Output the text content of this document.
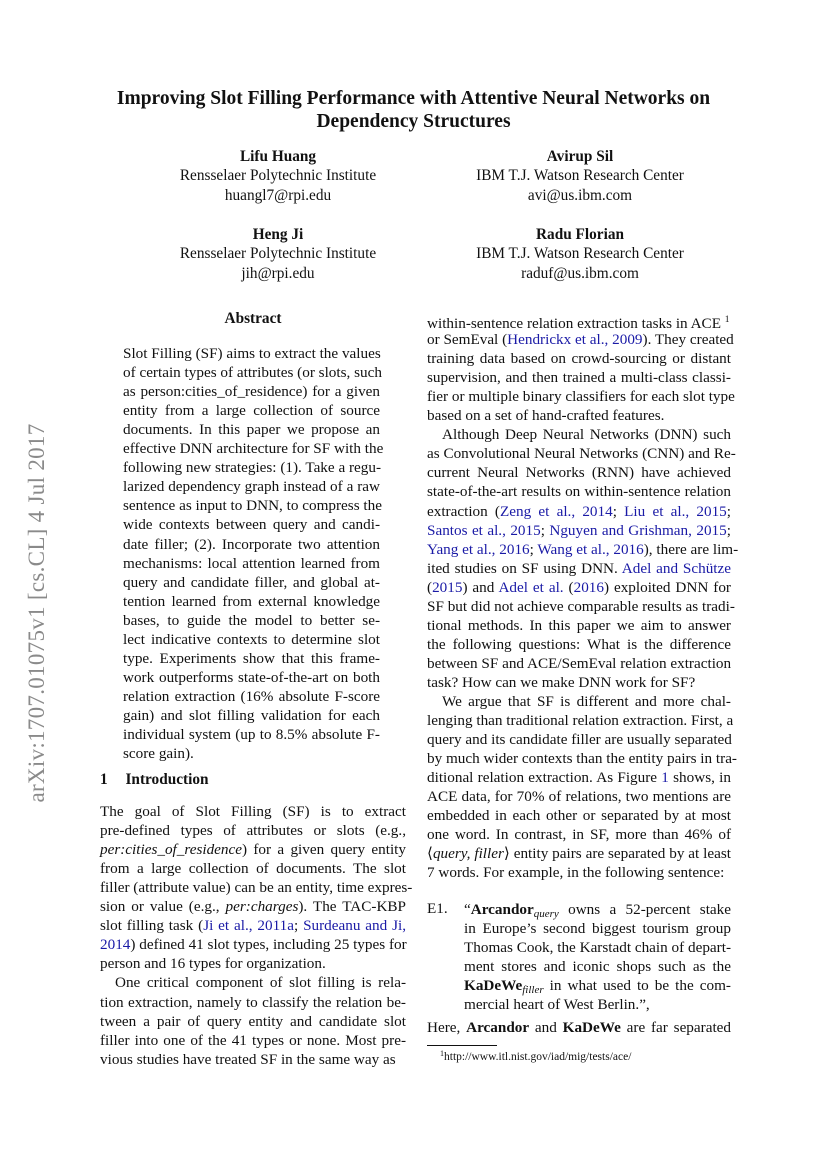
Improving Slot Filling Performance with Attentive Neural Networks on
Dependency Structures
Lifu Huang
Rensselaer Polytechnic Institute
huangl7@rpi.edu
Avirup Sil
IBM T.J. Watson Research Center
avi@us.ibm.com
Heng Ji
Rensselaer Polytechnic Institute
jih@rpi.edu
Radu Florian
IBM T.J. Watson Research Center
raduf@us.ibm.com
arXiv:1707.01075v1 [cs.CL] 4 Jul 2017
Abstract
1 Introduction
Slot Filling (SF) aims to extract the values
of certain types of attributes (or slots, such
as person:cities_of_residence) for a given
entity from a large collection of source
documents. In this paper we propose an
effective DNN architecture for SF with the
following new strategies: (1). Take a regu-
larized dependency graph instead of a raw
sentence as input to DNN, to compress the
wide contexts between query and candi-
date filler; (2). Incorporate two attention
mechanisms: local attention learned from
query and candidate filler, and global at-
tention learned from external knowledge
bases, to guide the model to better se-
lect indicative contexts to determine slot
type. Experiments show that this frame-
work outperforms state-of-the-art on both
relation extraction (16% absolute F-score
gain) and slot filling validation for each
individual system (up to 8.5% absolute F-
score gain).
The goal of Slot Filling (SF) is to extract
pre-defined types of attributes or slots (e.g.,
per:cities_of_residence) for a given query entity
from a large collection of documents. The slot
filler (attribute value) can be an entity, time expres-
sion or value (e.g., per:charges). The TAC-KBP
slot filling task (Ji et al., 2011a; Surdeanu and Ji,
2014) defined 41 slot types, including 25 types for
person and 16 types for organization.
One critical component of slot filling is rela-
tion extraction, namely to classify the relation be-
tween a pair of query entity and candidate slot
filler into one of the 41 types or none. Most pre-
vious studies have treated SF in the same way as
within-sentence relation extraction tasks in ACE $^1$
or SemEval (Hendrickx et al., 2009). They created
training data based on crowd-sourcing or distant
supervision, and then trained a multi-class classi-
fier or multiple binary classifiers for each slot type
based on a set of hand-crafted features.
Although Deep Neural Networks (DNN) such
as Convolutional Neural Networks (CNN) and Re-
current Neural Networks (RNN) have achieved
state-of-the-art results on within-sentence relation
extraction (Zeng et al., 2014; Liu et al., 2015;
Santos et al., 2015; Nguyen and Grishman, 2015;
Yang et al., 2016; Wang et al., 2016), there are lim-
ited studies on SF using DNN. Adel and Schütze
(2015) and Adel et al. (2016) exploited DNN for
SF but did not achieve comparable results as tradi-
tional methods. In this paper we aim to answer
the following questions: What is the difference
between SF and ACE/SemEval relation extraction
task? How can we make DNN work for SF?
We argue that SF is different and more chal-
lenging than traditional relation extraction. First, a
query and its candidate filler are usually separated
by much wider contexts than the entity pairs in tra-
ditional relation extraction. As Figure 1 shows, in
ACE data, for 70% of relations, two mentions are
embedded in each other or separated by at most
one word. In contrast, in SF, more than 46% of
⟨query, filler⟩ entity pairs are separated by at least
7 words. For example, in the following sentence:
E1. “Arcandor$_{query}$ owns a 52-percent stake
in Europe’s second biggest tourism group
Thomas Cook, the Karstadt chain of depart-
ment stores and iconic shops such as the
KaDeWe$_{filler}$ in what used to be the com-
mercial heart of West Berlin.”,
Here, Arcandor and KaDeWe are far separated
$^1$http://www.itl.nist.gov/iad/mig/tests/ace/
